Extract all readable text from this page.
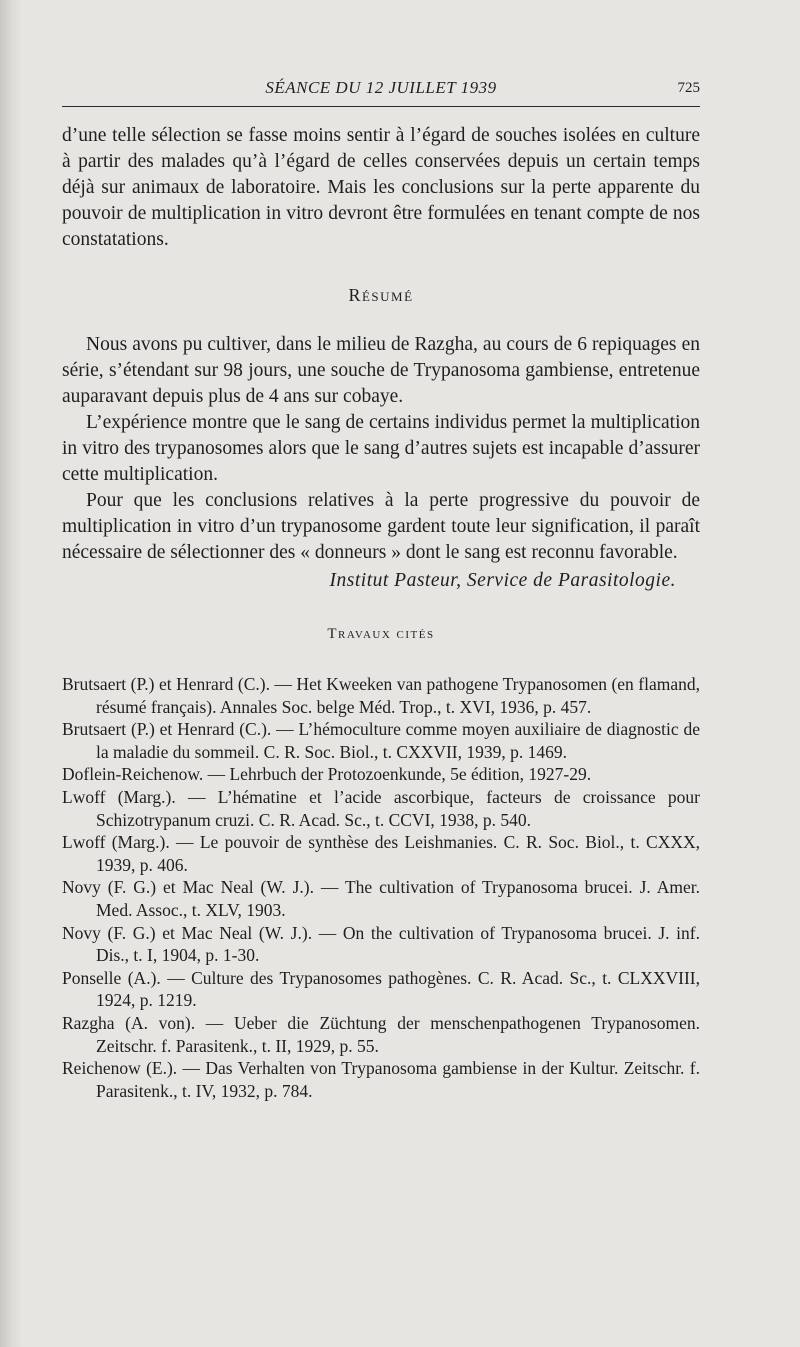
SÉANCE DU 12 JUILLET 1939	725

d’une telle sélection se fasse moins sentir à l’égard de souches isolées en culture à partir des malades qu’à l’égard de celles conservées depuis un certain temps déjà sur animaux de laboratoire. Mais les conclusions sur la perte apparente du pouvoir de multiplication in vitro devront être formulées en tenant compte de nos constatations.

Résumé

Nous avons pu cultiver, dans le milieu de Razgha, au cours de 6 repiquages en série, s’étendant sur 98 jours, une souche de Trypanosoma gambiense, entretenue auparavant depuis plus de 4 ans sur cobaye.

L’expérience montre que le sang de certains individus permet la multiplication in vitro des trypanosomes alors que le sang d’autres sujets est incapable d’assurer cette multiplication.

Pour que les conclusions relatives à la perte progressive du pouvoir de multiplication in vitro d’un trypanosome gardent toute leur signification, il paraît nécessaire de sélectionner des « donneurs » dont le sang est reconnu favorable.

Institut Pasteur, Service de Parasitologie.
Travaux cités
Brutsaert (P.) et Henrard (C.). — Het Kweeken van pathogene Trypanosomen (en flamand, résumé français). Annales Soc. belge Méd. Trop., t. XVI, 1936, p. 457.
Brutsaert (P.) et Henrard (C.). — L’hémoculture comme moyen auxiliaire de diagnostic de la maladie du sommeil. C. R. Soc. Biol., t. CXXVII, 1939, p. 1469.
Doflein-Reichenow. — Lehrbuch der Protozoenkunde, 5e édition, 1927-29.
Lwoff (Marg.). — L’hématine et l’acide ascorbique, facteurs de croissance pour Schizotrypanum cruzi. C. R. Acad. Sc., t. CCVI, 1938, p. 540.
Lwoff (Marg.). — Le pouvoir de synthèse des Leishmanies. C. R. Soc. Biol., t. CXXX, 1939, p. 406.
Novy (F. G.) et Mac Neal (W. J.). — The cultivation of Trypanosoma brucei. J. Amer. Med. Assoc., t. XLV, 1903.
Novy (F. G.) et Mac Neal (W. J.). — On the cultivation of Trypanosoma brucei. J. inf. Dis., t. I, 1904, p. 1-30.
Ponselle (A.). — Culture des Trypanosomes pathogènes. C. R. Acad. Sc., t. CLXXVIII, 1924, p. 1219.
Razgha (A. von). — Ueber die Züchtung der menschenpathogenen Trypanosomen. Zeitschr. f. Parasitenk., t. II, 1929, p. 55.
Reichenow (E.). — Das Verhalten von Trypanosoma gambiense in der Kultur. Zeitschr. f. Parasitenk., t. IV, 1932, p. 784.
